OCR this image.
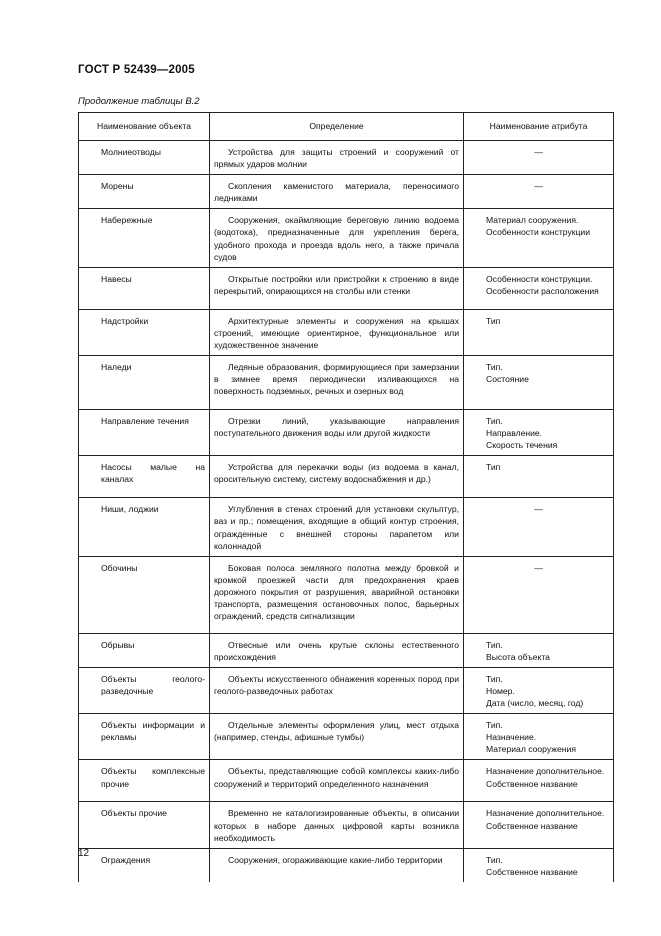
ГОСТ Р 52439—2005
Продолжение таблицы В.2
Наименование объекта	Определение	Наименование атрибута
Молниеотводы	Устройства для защиты строений и сооружений от прямых ударов молнии	—
Морены	Скопления каменистого материала, переносимого ледниками	—
Набережные	Сооружения, окаймляющие береговую линию водоема (водотока), предназначенные для укрепления берега, удобного прохода и проезда вдоль него, а также причала судов	Материал сооружения.
Особенности конструкции
Навесы	Открытые постройки или пристройки к строению в виде перекрытий, опирающихся на столбы или стенки	Особенности конструкции.
Особенности расположения
Надстройки	Архитектурные элементы и сооружения на крышах строений, имеющие ориентирное, функциональное или художественное значение	Тип
Наледи	Ледяные образования, формирующиеся при замерзании в зимнее время периодически изливающихся на поверхность подземных, речных и озерных вод	Тип.
Состояние
Направление течения	Отрезки линий, указывающие направления поступательного движения воды или другой жидкости	Тип.
Направление.
Скорость течения
Насосы малые на каналах	Устройства для перекачки воды (из водоема в канал, оросительную систему, систему водоснабжения и др.)	Тип
Ниши, лоджии	Углубления в стенах строений для установки скульптур, ваз и пр.; помещения, входящие в общий контур строения, огражденные с внешней стороны парапетом или колоннадой	—
Обочины	Боковая полоса земляного полотна между бровкой и кромкой проезжей части для предохранения краев дорожного покрытия от разрушения, аварийной остановки транспорта, размещения остановочных полос, барьерных ограждений, средств сигнализации	—
Обрывы	Отвесные или очень крутые склоны естественного происхождения	Тип.
Высота объекта
Объекты геолого-разведочные	Объекты искусственного обнажения коренных пород при геолого-разведочных работах	Тип.
Номер.
Дата (число, месяц, год)
Объекты информации и рекламы	Отдельные элементы оформления улиц, мест отдыха (например, стенды, афишные тумбы)	Тип.
Назначение.
Материал сооружения
Объекты комплексные прочие	Объекты, представляющие собой комплексы каких-либо сооружений и территорий определенного назначения	Назначение дополнительное.
Собственное название
Объекты прочие	Временно не каталогизированные объекты, в описании которых в наборе данных цифровой карты возникла необходимость	Назначение дополнительное.
Собственное название
Ограждения	Сооружения, огораживающие какие-либо территории	Тип.
Собственное название
12
